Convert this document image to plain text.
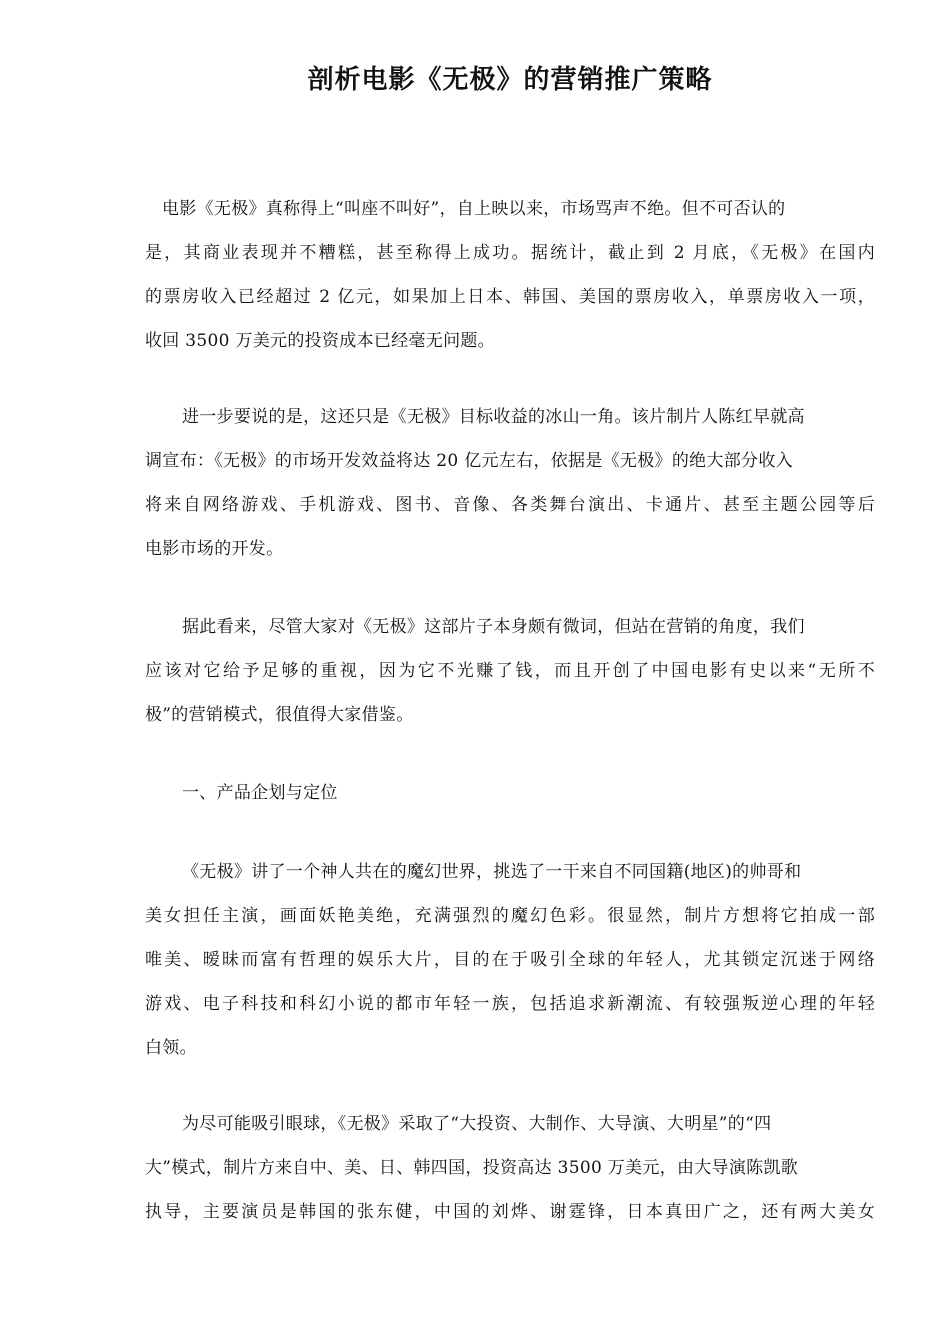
剖析电影《无极》的营销推广策略
电影《无极》真称得上“叫座不叫好”，自上映以来，市场骂声不绝。但不可否认的
是，其商业表现并不糟糕，甚至称得上成功。据统计，截止到 2 月底，《无极》在国内
的票房收入已经超过 2 亿元，如果加上日本、韩国、美国的票房收入，单票房收入一项，
收回 3500 万美元的投资成本已经毫无问题。
进一步要说的是，这还只是《无极》目标收益的冰山一角。该片制片人陈红早就高
调宣布：《无极》的市场开发效益将达 20 亿元左右，依据是《无极》的绝大部分收入
将来自网络游戏、手机游戏、图书、音像、各类舞台演出、卡通片、甚至主题公园等后
电影市场的开发。
据此看来，尽管大家对《无极》这部片子本身颇有微词，但站在营销的角度，我们
应该对它给予足够的重视，因为它不光赚了钱，而且开创了中国电影有史以来“无所不
极”的营销模式，很值得大家借鉴。
一、产品企划与定位
《无极》讲了一个神人共在的魔幻世界，挑选了一干来自不同国籍(地区)的帅哥和
美女担任主演，画面妖艳美绝，充满强烈的魔幻色彩。很显然，制片方想将它拍成一部
唯美、暧昧而富有哲理的娱乐大片，目的在于吸引全球的年轻人，尤其锁定沉迷于网络
游戏、电子科技和科幻小说的都市年轻一族，包括追求新潮流、有较强叛逆心理的年轻
白领。
为尽可能吸引眼球，《无极》采取了“大投资、大制作、大导演、大明星”的“四
大”模式，制片方来自中、美、日、韩四国，投资高达 3500 万美元，由大导演陈凯歌
执导，主要演员是韩国的张东健，中国的刘烨、谢霆锋，日本真田广之，还有两大美女
